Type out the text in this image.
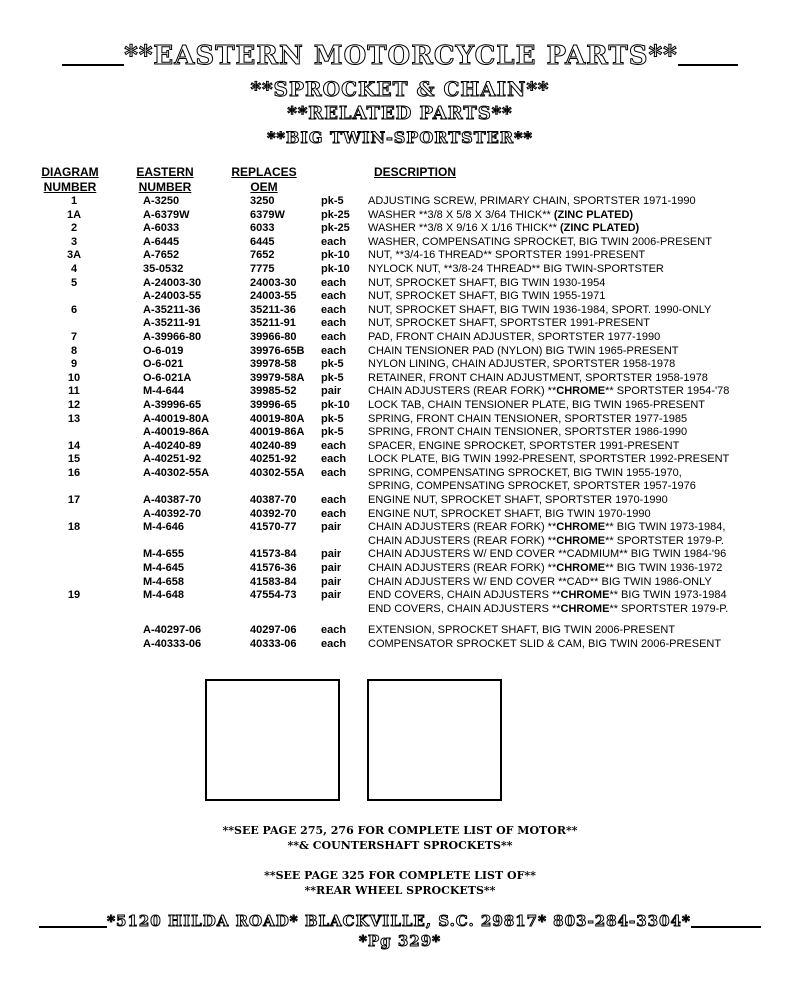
**EASTERN MOTORCYCLE PARTS**
**SPROCKET & CHAIN**
**RELATED PARTS**
**BIG TWIN-SPORTSTER**
DIAGRAM
NUMBER
EASTERN
NUMBER
REPLACES
OEM
DESCRIPTION
1	A-3250	3250	pk-5 ADJUSTING SCREW, PRIMARY CHAIN, SPORTSTER 1971-1990
1A	A-6379W	6379W	pk-25 WASHER **3/8 X 5/8 X 3/64 THICK** (ZINC PLATED)
2	A-6033	6033	pk-25 WASHER **3/8 X 9/16 X 1/16 THICK** (ZINC PLATED)
3	A-6445	6445	each WASHER, COMPENSATING SPROCKET, BIG TWIN 2006-PRESENT
3A	A-7652	7652	pk-10 NUT, **3/4-16 THREAD** SPORTSTER 1991-PRESENT
4	35-0532	7775	pk-10 NYLOCK NUT, **3/8-24 THREAD** BIG TWIN-SPORTSTER
5	A-24003-30	24003-30 each NUT, SPROCKET SHAFT, BIG TWIN 1930-1954
A-24003-55	24003-55 each NUT, SPROCKET SHAFT, BIG TWIN 1955-1971
6	A-35211-36	35211-36 each NUT, SPROCKET SHAFT, BIG TWIN 1936-1984, SPORT. 1990-ONLY
A-35211-91	35211-91 each NUT, SPROCKET SHAFT, SPORTSTER 1991-PRESENT
7	A-39966-80	39966-80 each PAD, FRONT CHAIN ADJUSTER, SPORTSTER 1977-1990
8	O-6-019	39976-65B each CHAIN TENSIONER PAD (NYLON) BIG TWIN 1965-PRESENT
9	O-6-021	39978-58 pk-5 NYLON LINING, CHAIN ADJUSTER, SPORTSTER 1958-1978
10	O-6-021A	39979-58A pk-5 RETAINER, FRONT CHAIN ADJUSTMENT, SPORTSTER 1958-1978
11	M-4-644	39985-52 pair CHAIN ADJUSTERS (REAR FORK) **CHROME** SPORTSTER 1954-'78
12	A-39996-65	39996-65 pk-10 LOCK TAB, CHAIN TENSIONER PLATE, BIG TWIN 1965-PRESENT
13	A-40019-80A	40019-80A pk-5 SPRING, FRONT CHAIN TENSIONER, SPORTSTER 1977-1985
A-40019-86A	40019-86A pk-5 SPRING, FRONT CHAIN TENSIONER, SPORTSTER 1986-1990
14	A-40240-89	40240-89 each SPACER, ENGINE SPROCKET, SPORTSTER 1991-PRESENT
15	A-40251-92	40251-92 each LOCK PLATE, BIG TWIN 1992-PRESENT, SPORTSTER 1992-PRESENT
16	A-40302-55A	40302-55A each SPRING, COMPENSATING SPROCKET, BIG TWIN 1955-1970,
SPRING, COMPENSATING SPROCKET, SPORTSTER 1957-1976
17	A-40387-70	40387-70 each ENGINE NUT, SPROCKET SHAFT, SPORTSTER 1970-1990
A-40392-70	40392-70 each ENGINE NUT, SPROCKET SHAFT, BIG TWIN 1970-1990
18	M-4-646	41570-77 pair CHAIN ADJUSTERS (REAR FORK) **CHROME** BIG TWIN 1973-1984,
CHAIN ADJUSTERS (REAR FORK) **CHROME** SPORTSTER 1979-P.
M-4-655	41573-84 pair CHAIN ADJUSTERS W/ END COVER **CADMIUM** BIG TWIN 1984-'96
M-4-645	41576-36 pair CHAIN ADJUSTERS (REAR FORK) **CHROME** BIG TWIN 1936-1972
M-4-658	41583-84 pair CHAIN ADJUSTERS W/ END COVER **CAD** BIG TWIN 1986-ONLY
19	M-4-648	47554-73 pair END COVERS, CHAIN ADJUSTERS **CHROME** BIG TWIN 1973-1984
END COVERS, CHAIN ADJUSTERS **CHROME** SPORTSTER 1979-P.
A-40297-06	40297-06 each EXTENSION, SPROCKET SHAFT, BIG TWIN 2006-PRESENT
A-40333-06	40333-06 each COMPENSATOR SPROCKET SLID & CAM, BIG TWIN 2006-PRESENT
**SEE PAGE 275, 276 FOR COMPLETE LIST OF MOTOR**
**& COUNTERSHAFT SPROCKETS**
**SEE PAGE 325 FOR COMPLETE LIST OF**
**REAR WHEEL SPROCKETS**
*5120 HILDA ROAD* BLACKVILLE, S.C. 29817* 803-284-3304*
*Pg 329*
